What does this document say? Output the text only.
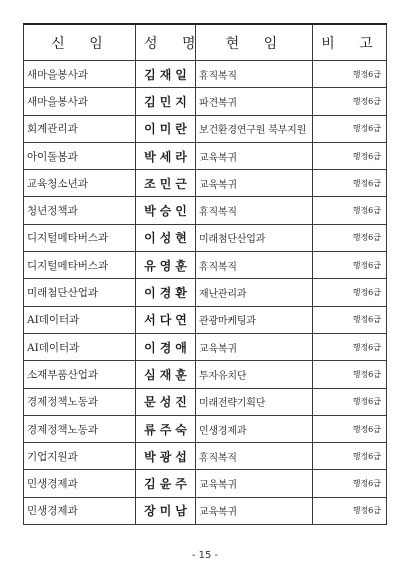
신 임	성 명	현 임	비 고
새마을봉사과	김재일	휴직복직	행정6급
새마을봉사과	김민지	파견복귀	행정6급
회계관리과	이미란	보건환경연구원 북부지원	행정6급
아이돌봄과	박세라	교육복귀	행정6급
교육청소년과	조민근	교육복귀	행정6급
청년정책과	박승인	휴직복직	행정6급
디지털메타버스과	이성현	미래첨단산업과	행정6급
디지털메타버스과	유영훈	휴직복직	행정6급
미래첨단산업과	이경환	재난관리과	행정6급
AI데이터과	서다연	관광마케팅과	행정6급
AI데이터과	이경애	교육복귀	행정6급
소재부품산업과	심재훈	투자유치단	행정6급
경제정책노동과	문성진	미래전략기획단	행정6급
경제정책노동과	류주숙	민생경제과	행정6급
기업지원과	박광섭	휴직복직	행정6급
민생경제과	김윤주	교육복귀	행정6급
민생경제과	장미남	교육복귀	행정6급
- 15 -
